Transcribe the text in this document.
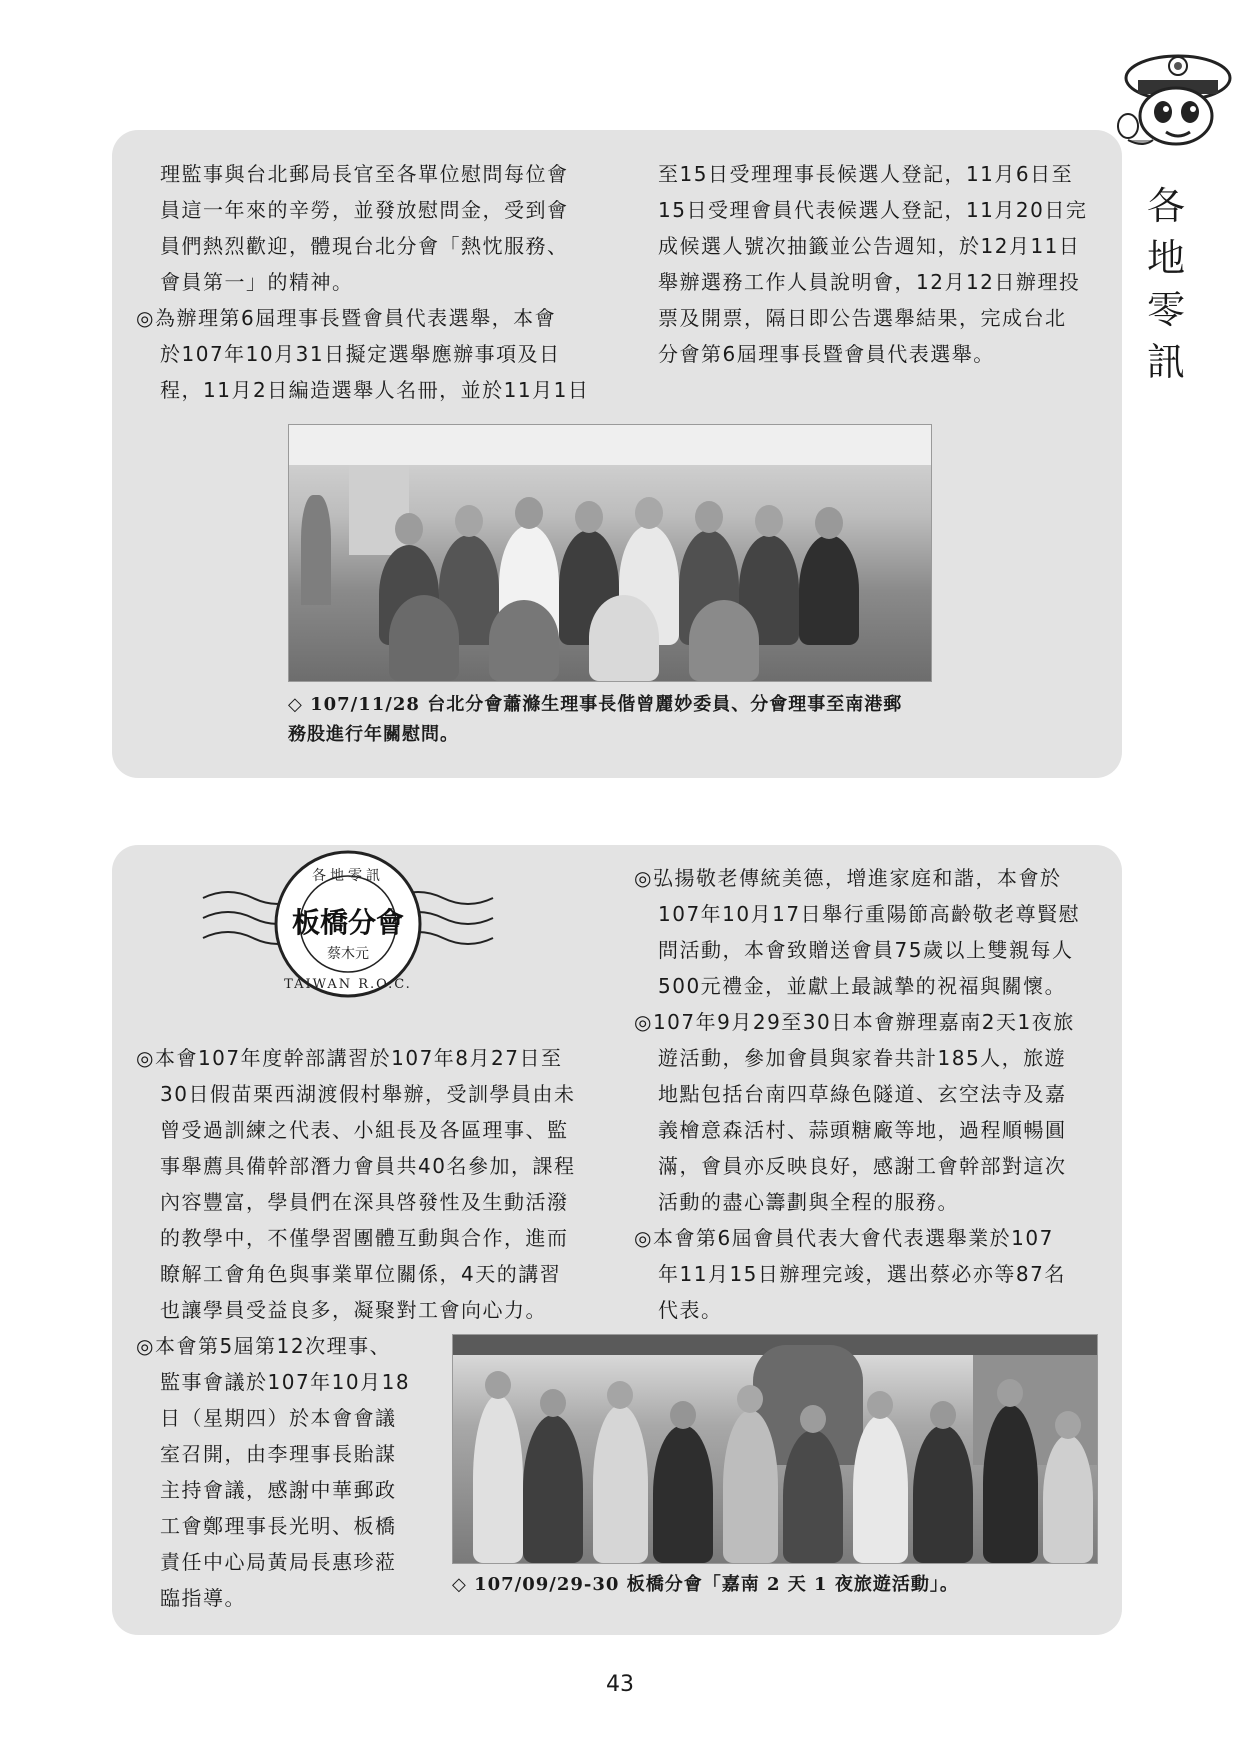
各
地
零
訊
理監事與台北郵局長官至各單位慰問每位會
員這一年來的辛勞，並發放慰問金，受到會
員們熱烈歡迎，體現台北分會「熱忱服務、
會員第一」的精神。
◎為辦理第6屆理事長暨會員代表選舉，本會
於107年10月31日擬定選舉應辦事項及日
程，11月2日編造選舉人名冊，並於11月1日
至15日受理理事長候選人登記，11月6日至
15日受理會員代表候選人登記，11月20日完
成候選人號次抽籤並公告週知，於12月11日
舉辦選務工作人員說明會，12月12日辦理投
票及開票，隔日即公告選舉結果，完成台北
分會第6屆理事長暨會員代表選舉。
◇ 107/11/28 台北分會蕭滌生理事長偕曾麗妙委員、分會理事至南港郵
務股進行年關慰問。
各地零訊
板橋分會
蔡木元
TAIWAN R.O.C.
◎本會107年度幹部講習於107年8月27日至
30日假苗栗西湖渡假村舉辦，受訓學員由未
曾受過訓練之代表、小組長及各區理事、監
事舉薦具備幹部潛力會員共40名參加，課程
內容豐富，學員們在深具啓發性及生動活潑
的教學中，不僅學習團體互動與合作，進而
瞭解工會角色與事業單位關係，4天的講習
也讓學員受益良多，凝聚對工會向心力。
◎本會第5屆第12次理事、
監事會議於107年10月18
日（星期四）於本會會議
室召開，由李理事長貽謀
主持會議，感謝中華郵政
工會鄭理事長光明、板橋
責任中心局黃局長惠珍蒞
臨指導。
◎弘揚敬老傳統美德，增進家庭和諧，本會於
107年10月17日舉行重陽節高齡敬老尊賢慰
問活動，本會致贈送會員75歲以上雙親每人
500元禮金，並獻上最誠摯的祝福與關懷。
◎107年9月29至30日本會辦理嘉南2天1夜旅
遊活動，參加會員與家眷共計185人，旅遊
地點包括台南四草綠色隧道、玄空法寺及嘉
義檜意森活村、蒜頭糖廠等地，過程順暢圓
滿，會員亦反映良好，感謝工會幹部對這次
活動的盡心籌劃與全程的服務。
◎本會第6屆會員代表大會代表選舉業於107
年11月15日辦理完竣，選出蔡必亦等87名
代表。
◇ 107/09/29-30 板橋分會「嘉南 2 天 1 夜旅遊活動」。
43
